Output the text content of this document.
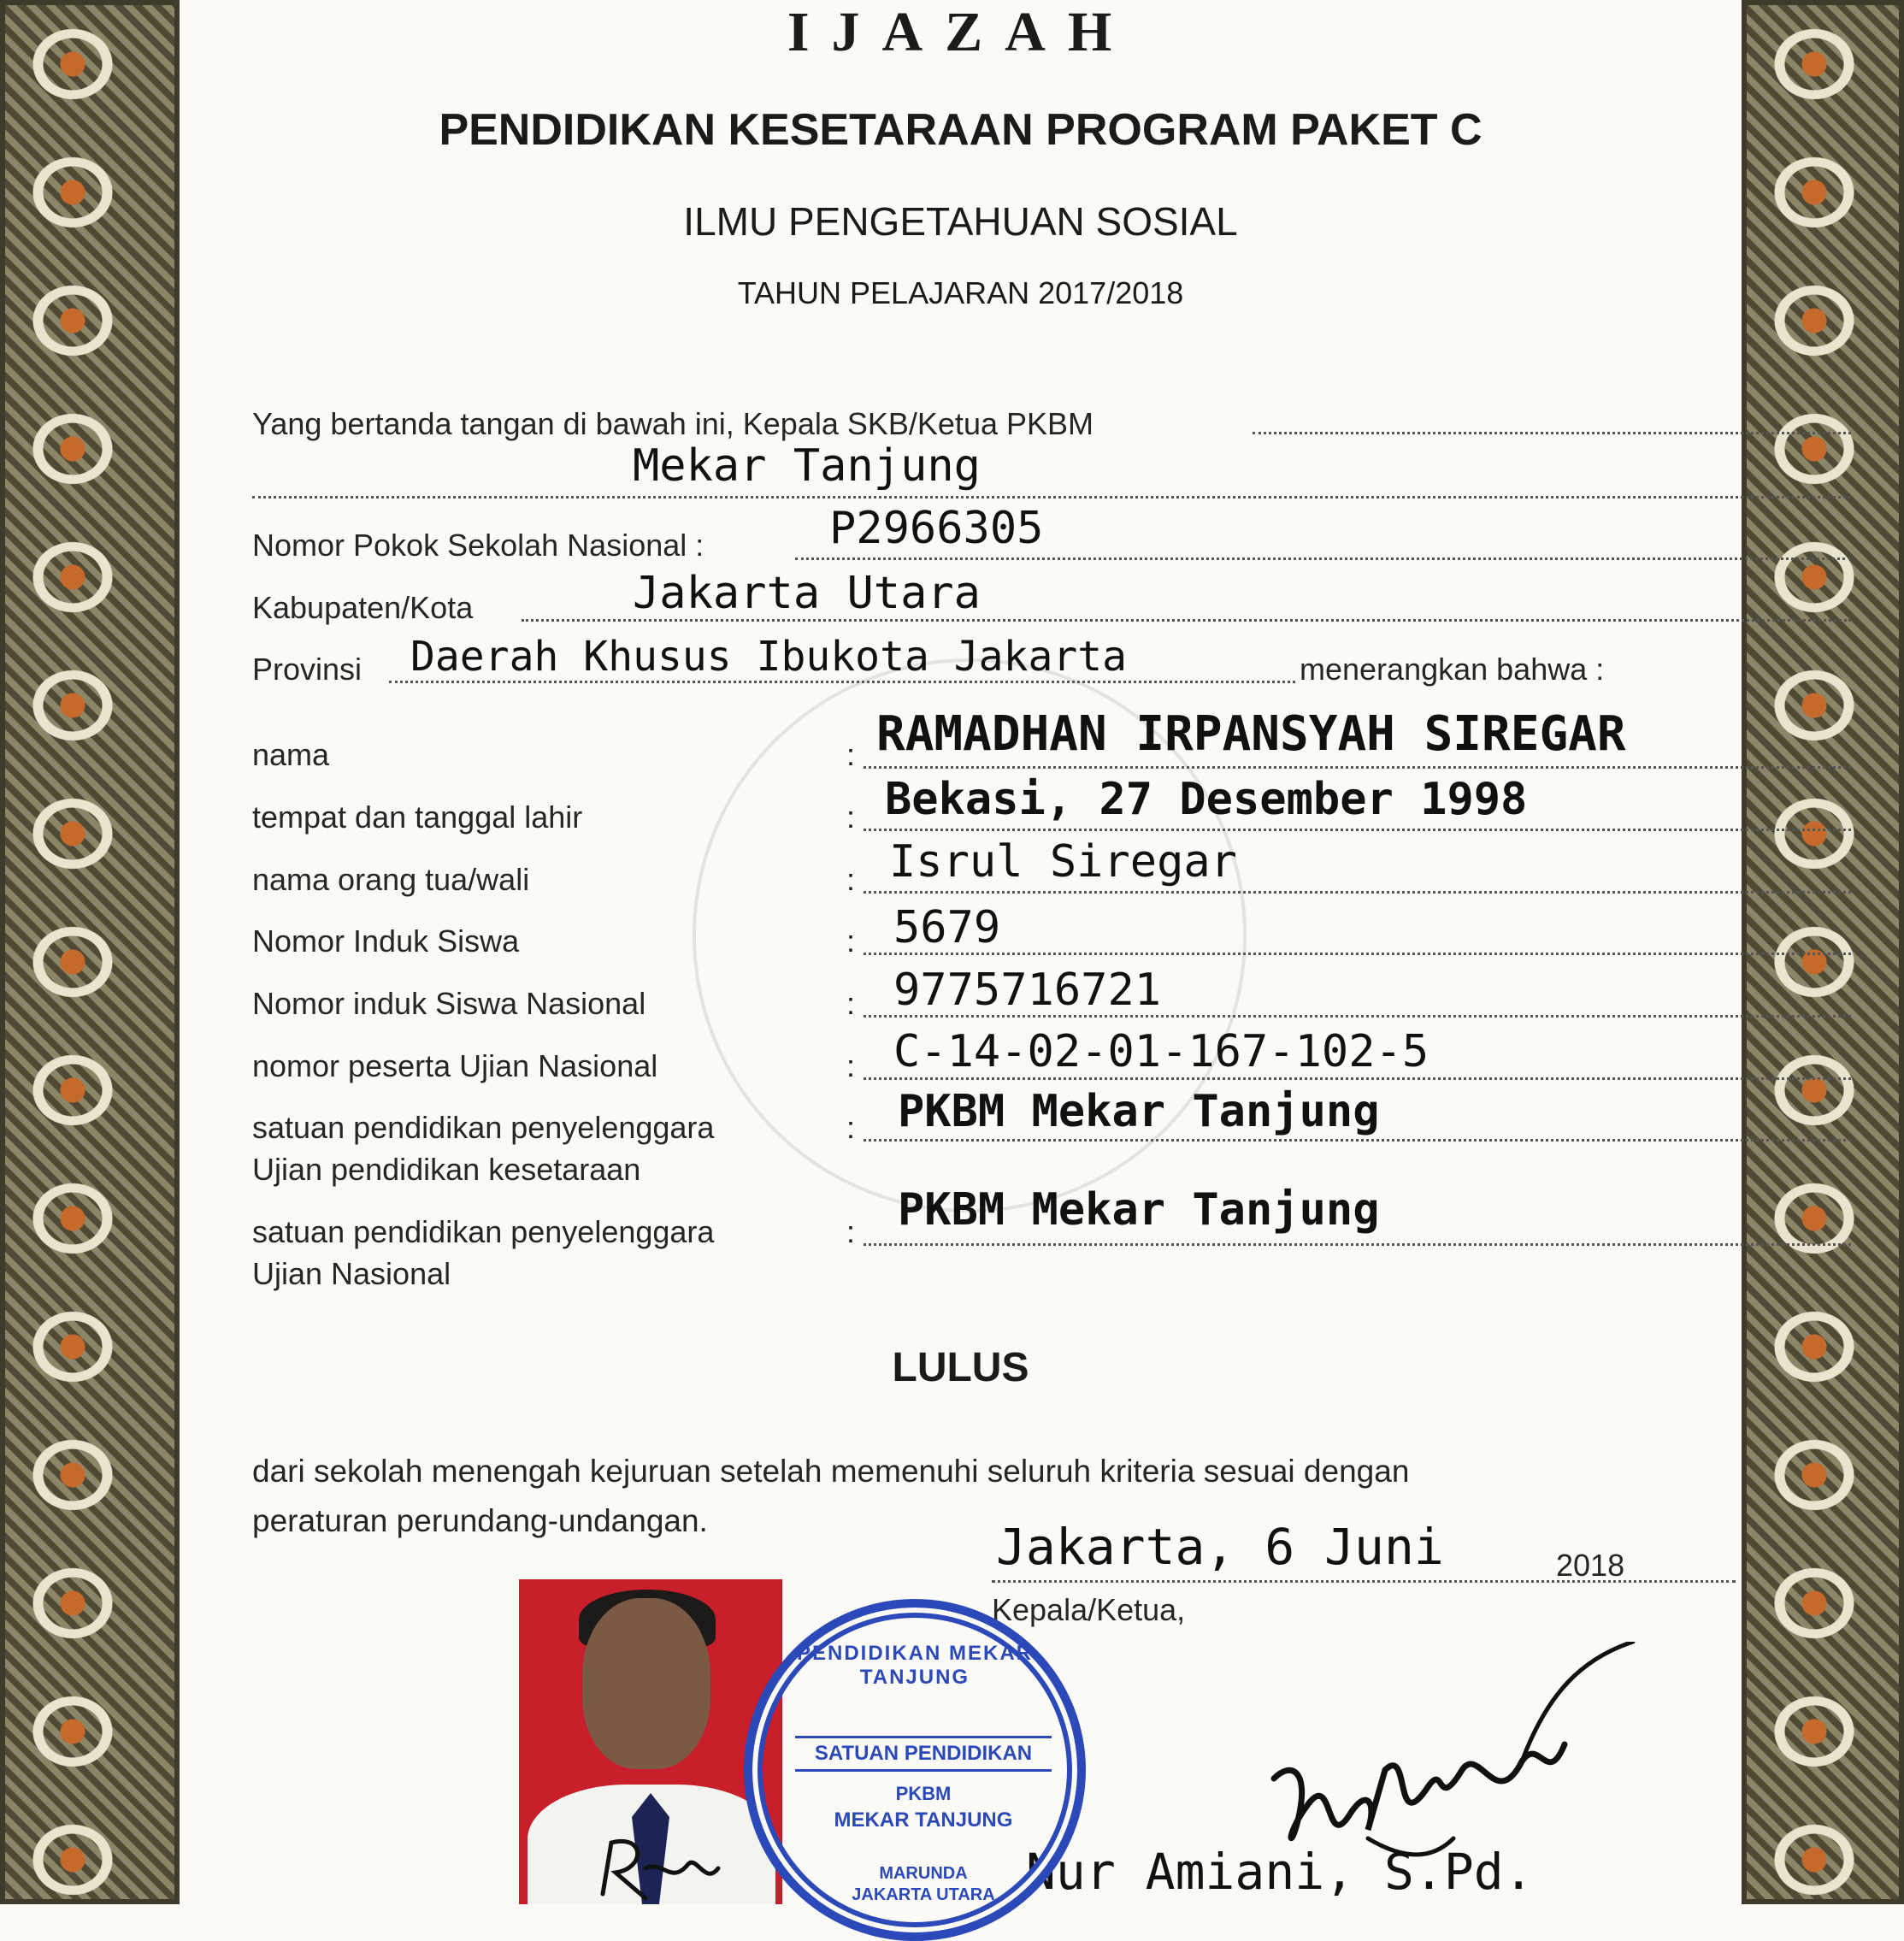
IJAZAH
PENDIDIKAN KESETARAAN PROGRAM PAKET C
ILMU PENGETAHUAN SOSIAL
TAHUN PELAJARAN 2017/2018
Yang bertanda tangan di bawah ini, Kepala SKB/Ketua PKBM
Mekar Tanjung
Nomor Pokok Sekolah Nasional :	P2966305
Kabupaten/Kota	Jakarta Utara
Provinsi Daerah Khusus Ibukota Jakarta	menerangkan bahwa :
nama	: RAMADHAN IRPANSYAH SIREGAR
tempat dan tanggal lahir	: Bekasi, 27 Desember 1998
nama orang tua/wali	: Isrul Siregar
Nomor Induk Siswa	: 5679
Nomor induk Siswa Nasional	: 9775716721
nomor peserta Ujian Nasional	: C-14-02-01-167-102-5
satuan pendidikan penyelenggara
Ujian pendidikan kesetaraan
: PKBM Mekar Tanjung
satuan pendidikan penyelenggara
Ujian Nasional
: PKBM Mekar Tanjung
LULUS
dari sekolah menengah kejuruan setelah memenuhi seluruh kriteria sesuai dengan
peraturan perundang-undangan.	Jakarta, 6 Juni	2018
Kepala/Ketua,
Nur Amiani, S.Pd.
PENDIDIKAN MEKAR TANJUNG
SATUAN PENDIDIKAN
PKBM
MEKAR TANJUNG
MARUNDA
JAKARTA UTARA
